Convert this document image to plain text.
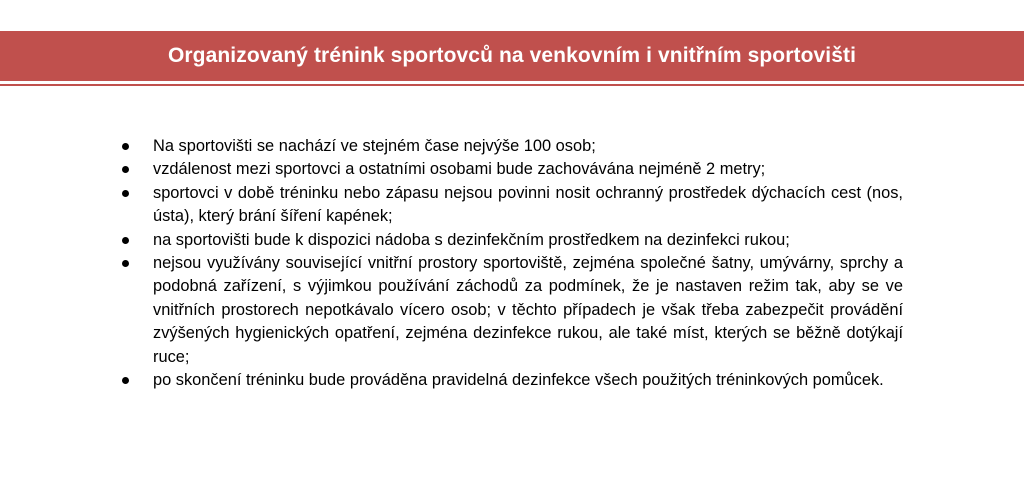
Organizovaný trénink sportovců na venkovním i vnitřním sportovišti
Na sportovišti se nachází ve stejném čase nejvýše 100 osob;
vzdálenost mezi sportovci a ostatními osobami bude zachovávána nejméně 2 metry;
sportovci v době tréninku nebo zápasu nejsou povinni nosit ochranný prostředek dýchacích cest (nos, ústa), který brání šíření kapének;
na sportovišti bude k dispozici nádoba s dezinfekčním prostředkem na dezinfekci rukou;
nejsou využívány související vnitřní prostory sportoviště, zejména společné šatny, umývárny, sprchy a podobná zařízení, s výjimkou používání záchodů za podmínek, že je nastaven režim tak, aby se ve vnitřních prostorech nepotkávalo vícero osob; v těchto případech je však třeba zabezpečit provádění zvýšených hygienických opatření, zejména dezinfekce rukou, ale také míst, kterých se běžně dotýkají ruce;
po skončení tréninku bude prováděna pravidelná dezinfekce všech použitých tréninkových pomůcek.
